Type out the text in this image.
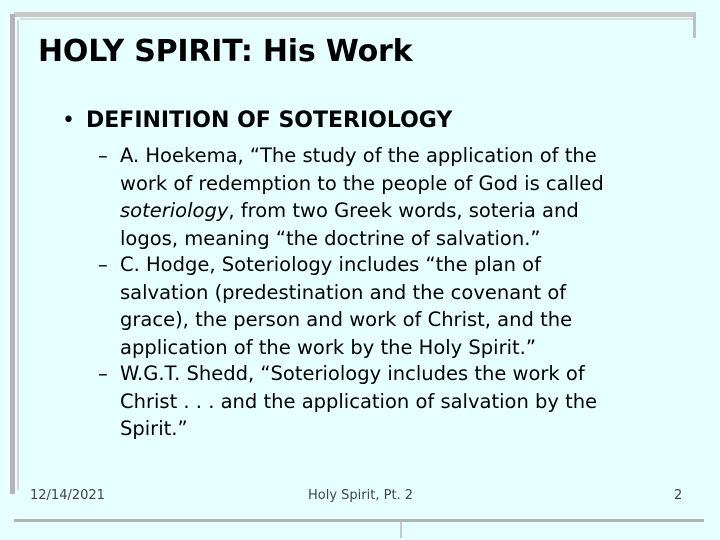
HOLY SPIRIT: His Work
• DEFINITION OF SOTERIOLOGY
– A. Hoekema, “The study of the application of the
work of redemption to the people of God is called
soteriology, from two Greek words, soteria and
logos, meaning “the doctrine of salvation.”
– C. Hodge, Soteriology includes “the plan of
salvation (predestination and the covenant of
grace), the person and work of Christ, and the
application of the work by the Holy Spirit.”
– W.G.T. Shedd, “Soteriology includes the work of
Christ . . . and the application of salvation by the
Spirit.”
12/14/2021	Holy Spirit, Pt. 2	2
